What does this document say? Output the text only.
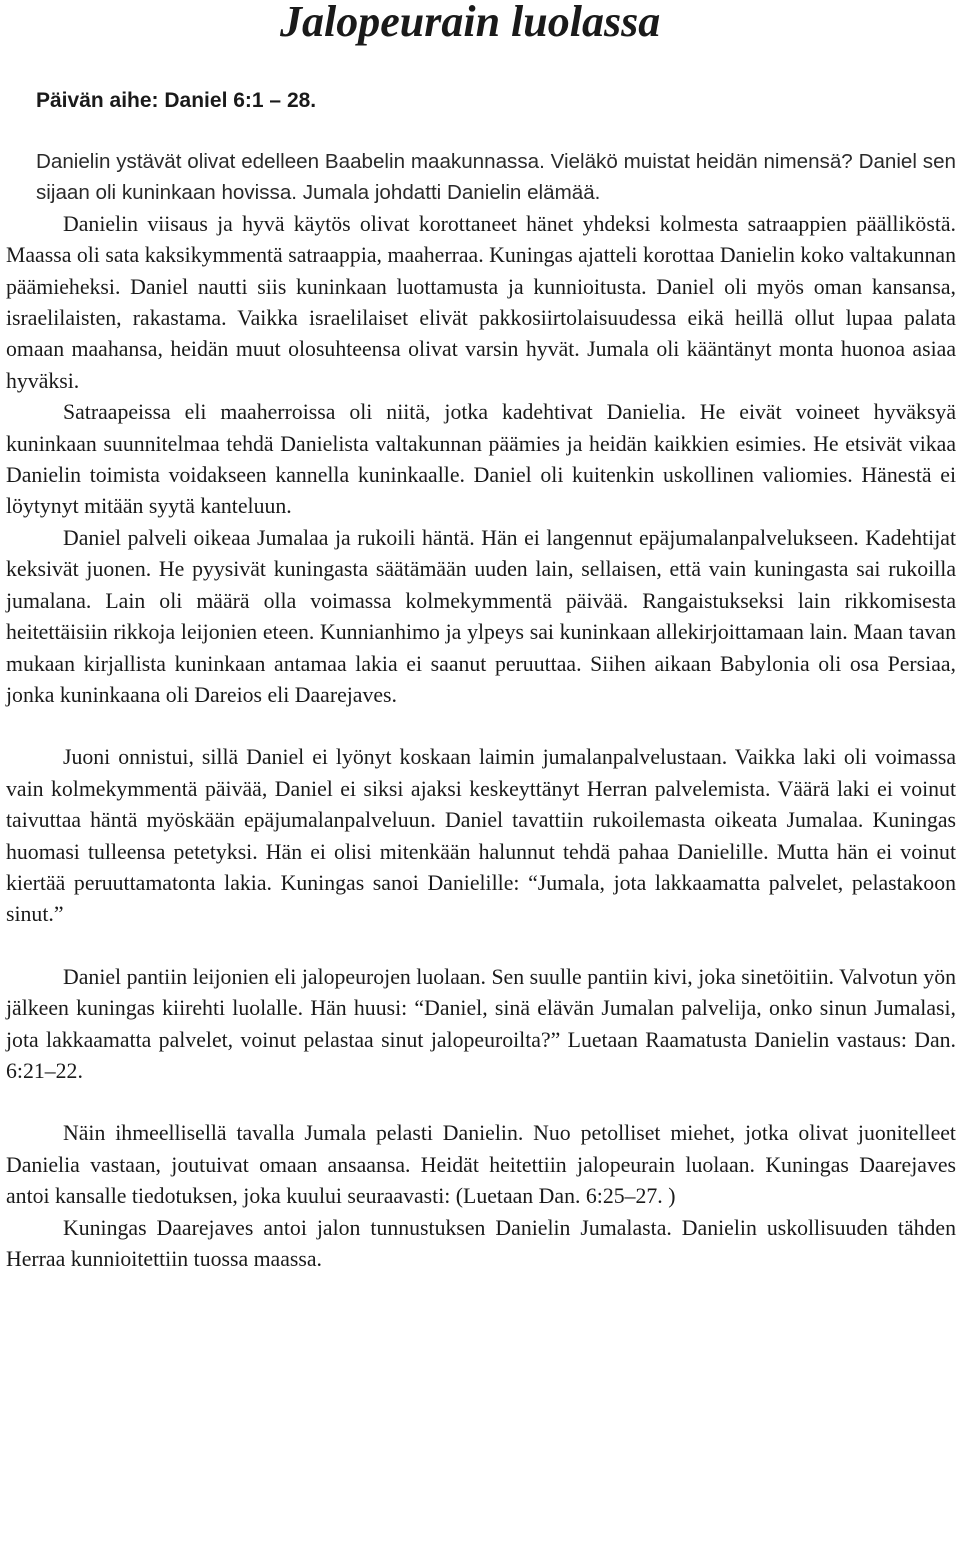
Jalopeurain luolassa
Päivän aihe: Daniel 6:1 – 28.

Danielin ystävät olivat edelleen Baabelin maakunnassa. Vieläkö muistat heidän nimensä? Daniel sen sijaan oli kuninkaan hovissa. Jumala johdatti Danielin elämää.

Danielin viisaus ja hyvä käytös olivat korottaneet hänet yhdeksi kolmesta satraappien päälliköstä. Maassa oli sata kaksikymmentä satraappia, maaherraa. Kuningas ajatteli korottaa Danielin koko valtakunnan päämieheksi. Daniel nautti siis kuninkaan luottamusta ja kunnioitusta. Daniel oli myös oman kansansa, israelilaisten, rakastama. Vaikka israelilaiset elivät pakkosiirtolaisuudessa eikä heillä ollut lupaa palata omaan maahansa, heidän muut olosuhteensa olivat varsin hyvät. Jumala oli kääntänyt monta huonoa asiaa hyväksi.

Satraapeissa eli maaherroissa oli niitä, jotka kadehtivat Danielia. He eivät voineet hyväksyä kuninkaan suunnitelmaa tehdä Danielista valtakunnan päämies ja heidän kaikkien esimies. He etsivät vikaa Danielin toimista voidakseen kannella kuninkaalle. Daniel oli kuitenkin uskollinen valiomies. Hänestä ei löytynyt mitään syytä kanteluun.

Daniel palveli oikeaa Jumalaa ja rukoili häntä. Hän ei langennut epäjumalanpalvelukseen. Kadehtijat keksivät juonen. He pyysivät kuningasta säätämään uuden lain, sellaisen, että vain kuningasta sai rukoilla jumalana. Lain oli määrä olla voimassa kolmekymmentä päivää. Rangaistukseksi lain rikkomisesta heitettäisiin rikkoja leijonien eteen. Kunnianhimo ja ylpeys sai kuninkaan allekirjoittamaan lain. Maan tavan mukaan kirjallista kuninkaan antamaa lakia ei saanut peruuttaa. Siihen aikaan Babylonia oli osa Persiaa, jonka kuninkaana oli Dareios eli Daarejaves.

Juoni onnistui, sillä Daniel ei lyönyt koskaan laimin jumalanpalvelustaan. Vaikka laki oli voimassa vain kolmekymmentä päivää, Daniel ei siksi ajaksi keskeyttänyt Herran palvelemista. Väärä laki ei voinut taivuttaa häntä myöskään epäjumalanpalveluun. Daniel tavattiin rukoilemasta oikeata Jumalaa. Kuningas huomasi tulleensa petetyksi. Hän ei olisi mitenkään halunnut tehdä pahaa Danielille. Mutta hän ei voinut kiertää peruuttamatonta lakia. Kuningas sanoi Danielille: “Jumala, jota lakkaamatta palvelet, pelastakoon sinut.”

Daniel pantiin leijonien eli jalopeurojen luolaan. Sen suulle pantiin kivi, joka sinetöitiin. Valvotun yön jälkeen kuningas kiirehti luolalle. Hän huusi: “Daniel, sinä elävän Jumalan palvelija, onko sinun Jumalasi, jota lakkaamatta palvelet, voinut pelastaa sinut jalopeuroilta?” Luetaan Raamatusta Danielin vastaus: Dan. 6:21–22.

Näin ihmeellisellä tavalla Jumala pelasti Danielin. Nuo petolliset miehet, jotka olivat juonitelleet Danielia vastaan, joutuivat omaan ansaansa. Heidät heitettiin jalopeurain luolaan. Kuningas Daarejaves antoi kansalle tiedotuksen, joka kuului seuraavasti: (Luetaan Dan. 6:25–27. )

Kuningas Daarejaves antoi jalon tunnustuksen Danielin Jumalasta. Danielin uskollisuuden tähden Herraa kunnioitettiin tuossa maassa.
